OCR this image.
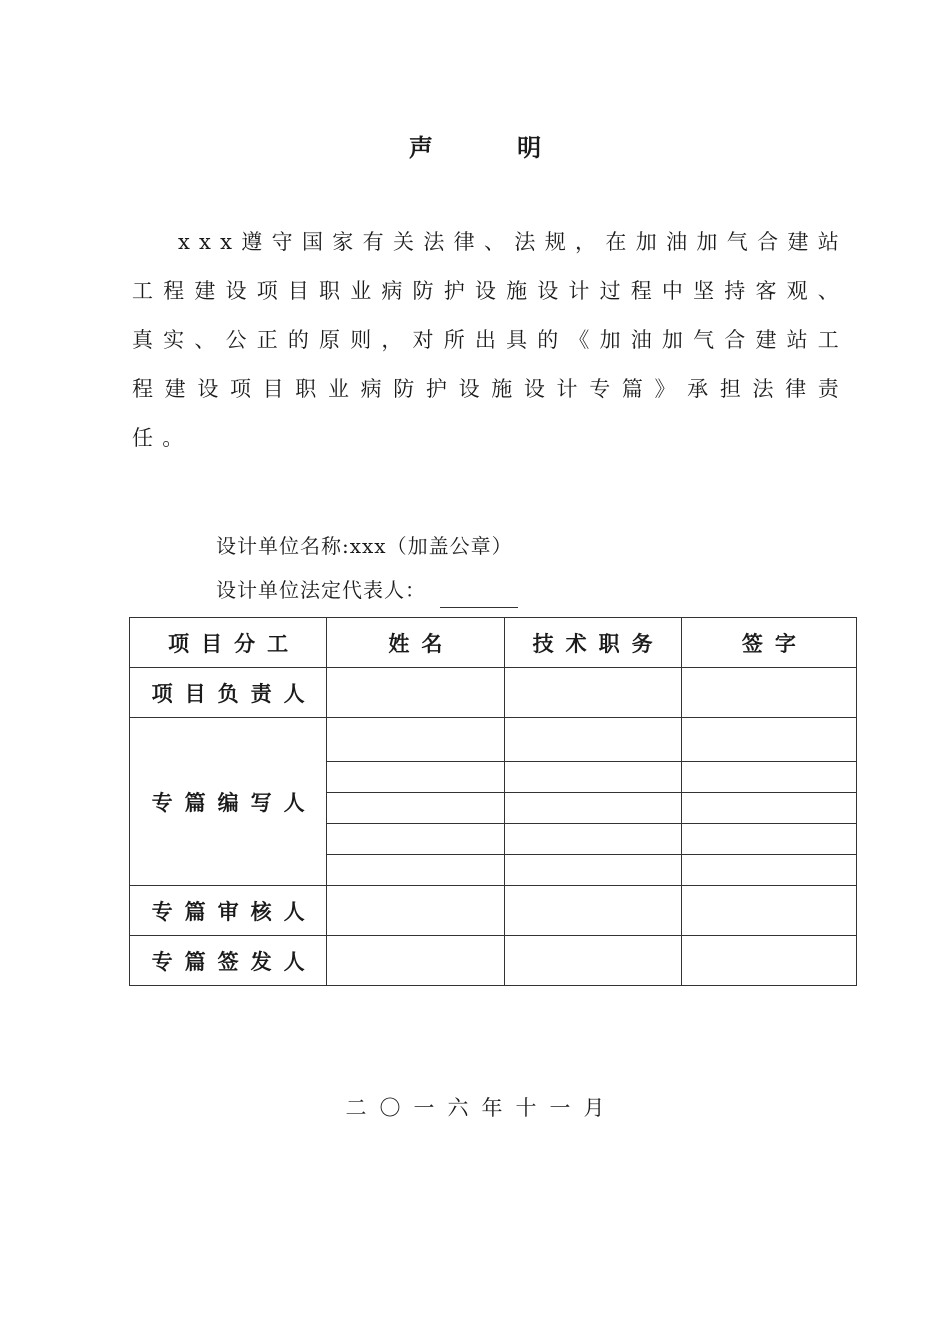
声 明
xxx遵守国家有关法律、法规，在加油加气合建站工程建设项目职业病防护设施设计过程中坚持客观、真实、公正的原则，对所出具的《加油加气合建站工程建设项目职业病防护设施设计专篇》承担法律责任。
设计单位名称:xxx（加盖公章）
设计单位法定代表人：
项目分工	姓名	技术职务	签字
项目负责人			
专篇编写人			

专篇审核人			
专篇签发人			
二〇一六年十一月
